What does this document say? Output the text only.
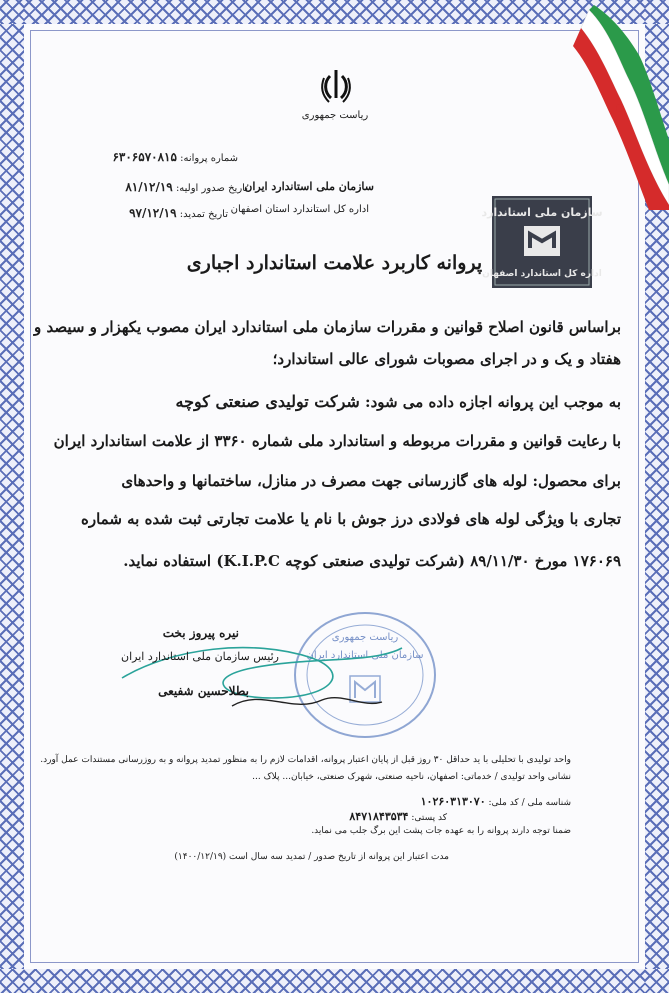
ریاست جمهوری
سازمان ملی استاندارد ایران
اداره کل استاندارد استان اصفهان
شماره پروانه: ۶۳۰۶۵۷۰۸۱۵
تاریخ صدور اولیه: ۸۱/۱۲/۱۹
تاریخ تمدید: ۹۷/۱۲/۱۹	سازمان ملی استاندارد
اداره کل استاندارد اصفهان
پروانه کاربرد علامت استاندارد اجباری
براساس قانون اصلاح قوانین و مقررات سازمان ملی استاندارد ایران مصوب یکهزار و سیصد و
هفتاد و یک و در اجرای مصوبات شورای عالی استاندارد؛
به موجب این پروانه اجازه داده می شود: شرکت تولیدی صنعتی کوچه
با رعایت قوانین و مقررات مربوطه و استاندارد ملی شماره ۳۳۶۰ از علامت استاندارد ایران
برای محصول: لوله های گازرسانی جهت مصرف در منازل، ساختمانها و واحدهای
تجاری با ویژگی لوله های فولادی درز جوش با نام یا علامت تجارتی ثبت شده به شماره
۱۷۶۰۶۹ مورخ ۸۹/۱۱/۳۰ (شرکت تولیدی صنعتی کوچه K.I.P.C) استفاده نماید.
ریاست جمهوری
سازمان ملی استاندارد ایران
نیره پیروز بخت
رئیس سازمان ملی استاندارد ایران
بطلاحسین شفیعی
واحد تولیدی با تحلیلی با ید حداقل ۳۰ روز قبل از پایان اعتبار پروانه، اقدامات لازم را به منظور تمدید پروانه و به روزرسانی مستندات عمل آورد.
نشانی واحد تولیدی / خدماتی: اصفهان، ناحیه صنعتی، شهرک صنعتی، خیابان... پلاک ...
شناسه ملی / کد ملی: ۱۰۲۶۰۳۱۳۰۷۰
کد پستی: ۸۴۷۱۸۴۳۵۳۴
ضمنا توجه دارند پروانه را به عهده جات پشت این برگ جلب می نماید.
مدت اعتبار این پروانه از تاریخ صدور / تمدید سه سال است (۱۴۰۰/۱۲/۱۹)
